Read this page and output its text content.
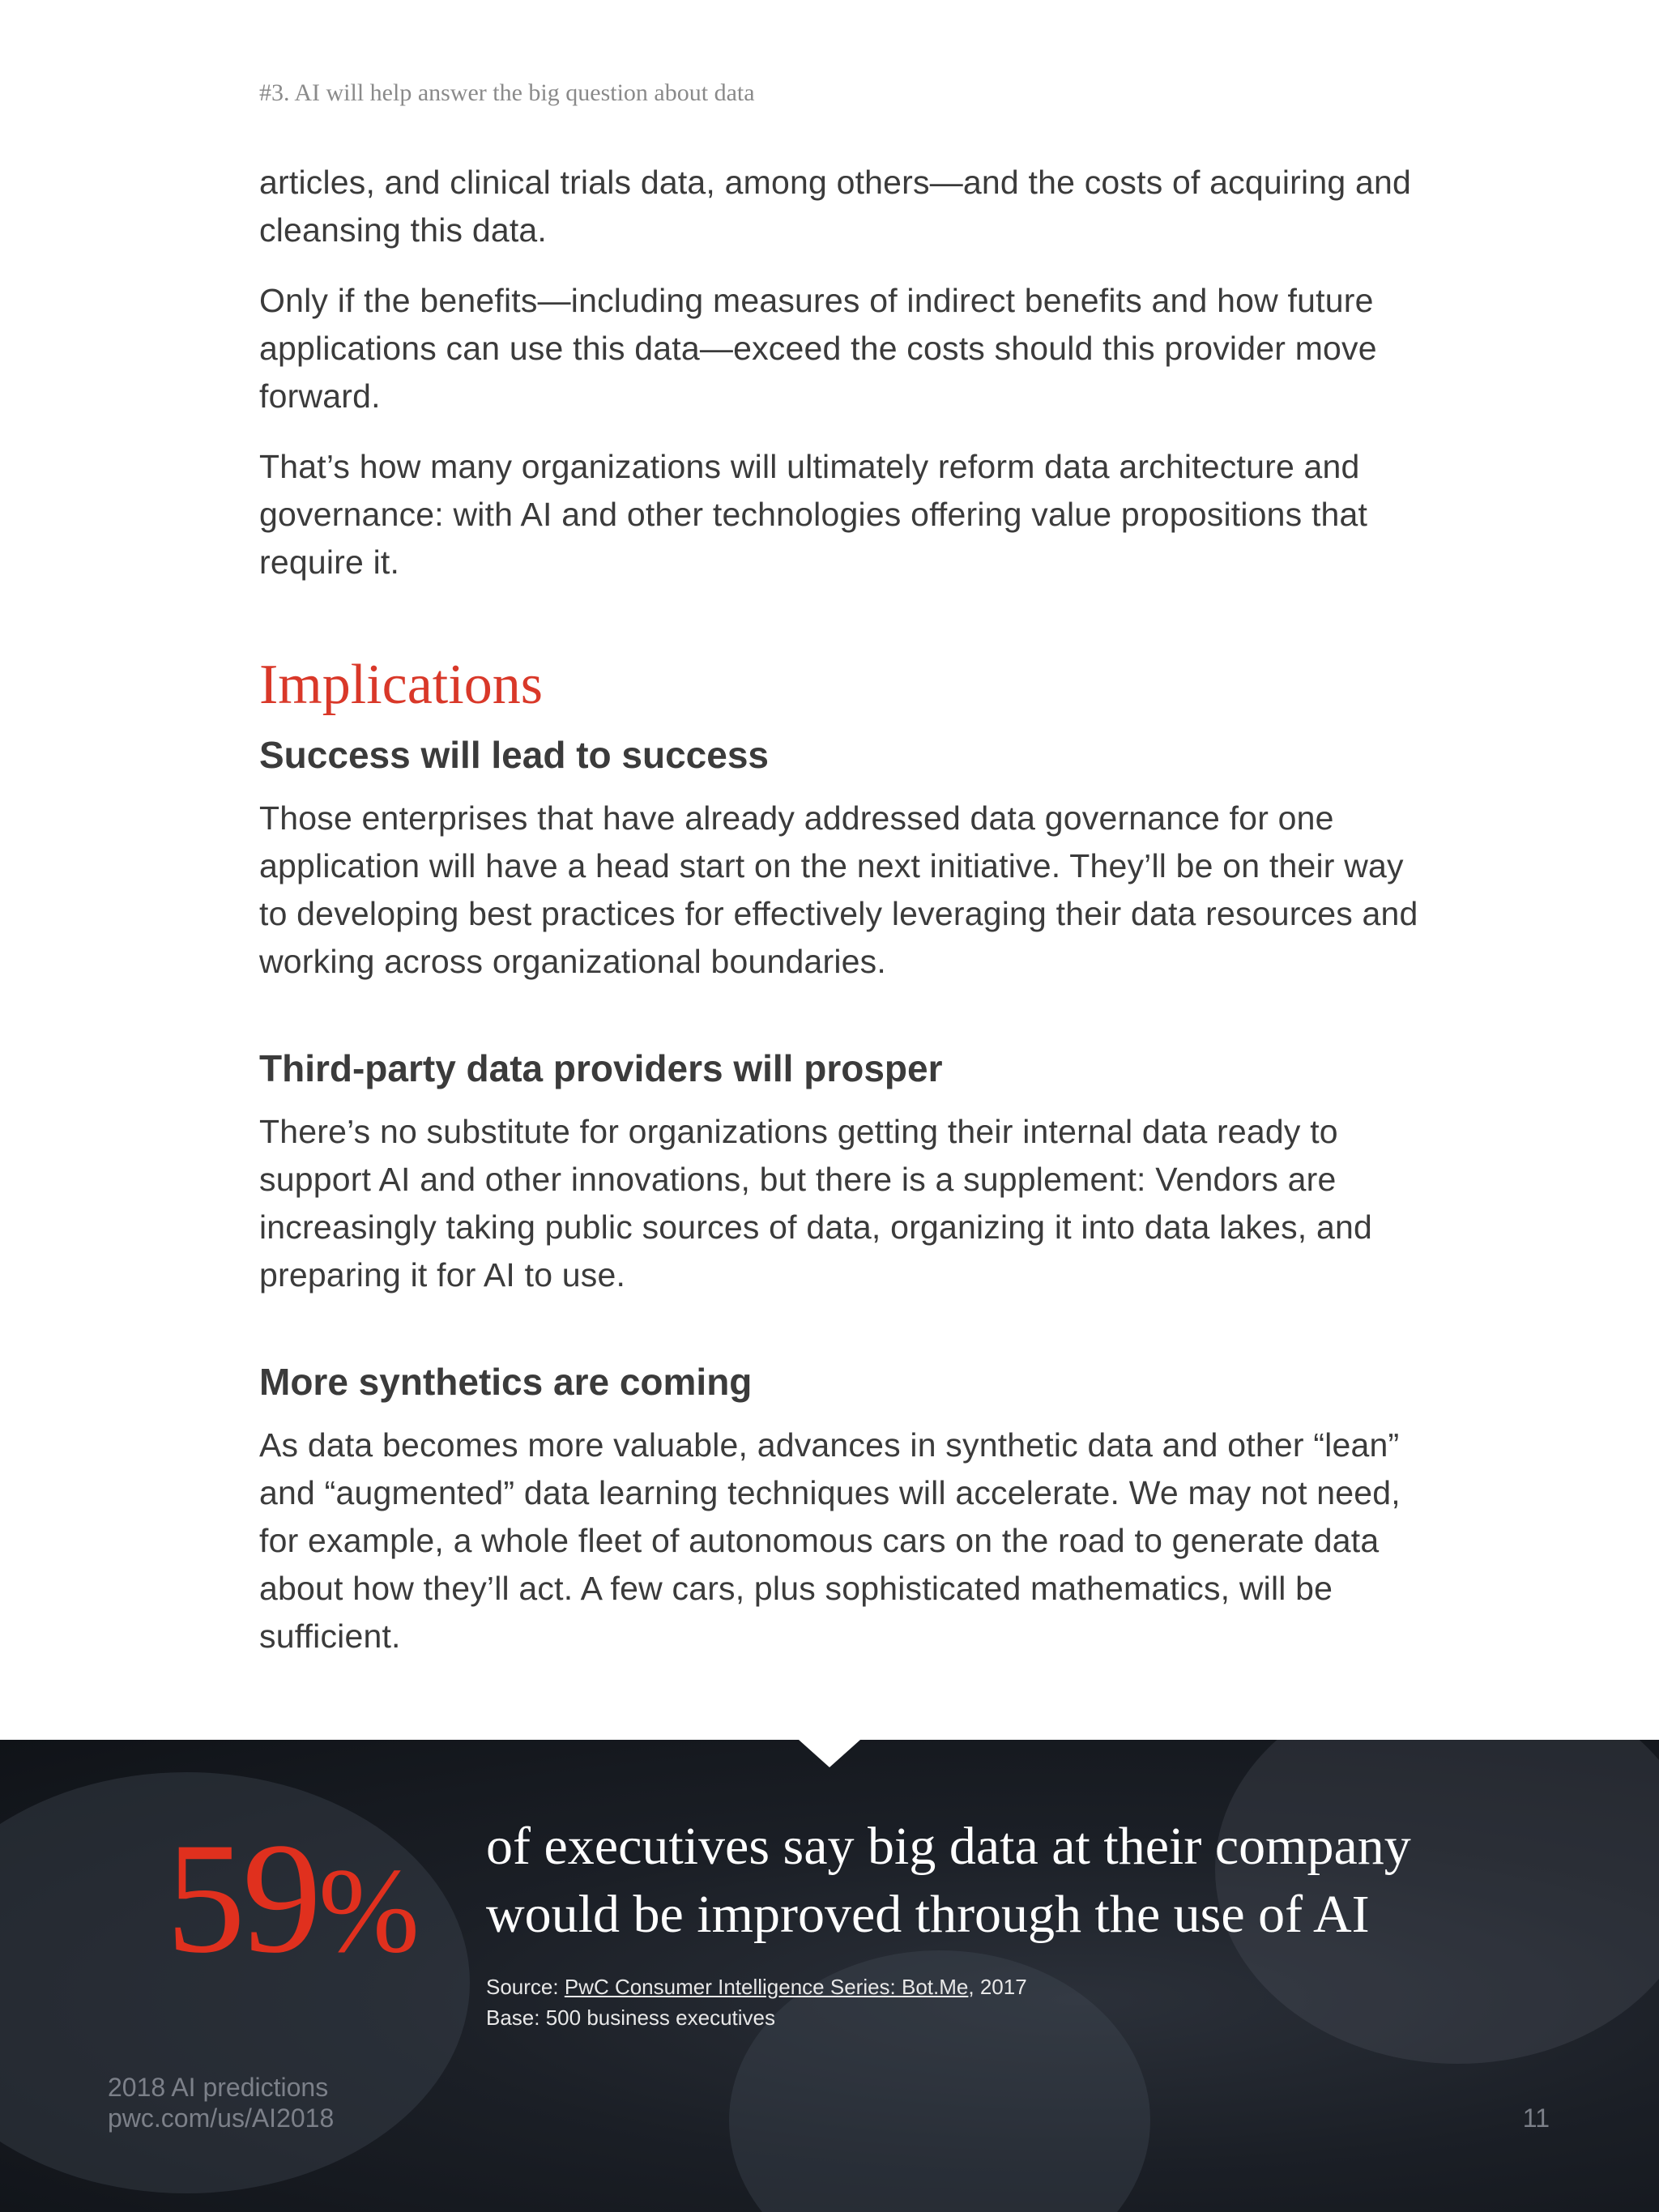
#3. AI will help answer the big question about data

articles, and clinical trials data, among others—and the costs of acquiring and cleansing this data.

Only if the benefits—including measures of indirect benefits and how future applications can use this data—exceed the costs should this provider move forward.

That’s how many organizations will ultimately reform data architecture and governance: with AI and other technologies offering value propositions that require it.

Implications
Success will lead to success

Those enterprises that have already addressed data governance for one application will have a head start on the next initiative. They’ll be on their way to developing best practices for effectively leveraging their data resources and working across organizational boundaries.

Third-party data providers will prosper

There’s no substitute for organizations getting their internal data ready to support AI and other innovations, but there is a supplement: Vendors are increasingly taking public sources of data, organizing it into data lakes, and preparing it for AI to use.

More synthetics are coming

As data becomes more valuable, advances in synthetic data and other “lean” and “augmented” data learning techniques will accelerate. We may not need, for example, a whole fleet of autonomous cars on the road to generate data about how they’ll act. A few cars, plus sophisticated mathematics, will be sufficient.

59% of executives say big data at their company would be improved through the use of AI
Source: PwC Consumer Intelligence Series: Bot.Me, 2017
Base: 500 business executives
2018 AI predictions
pwc.com/us/AI2018	11
